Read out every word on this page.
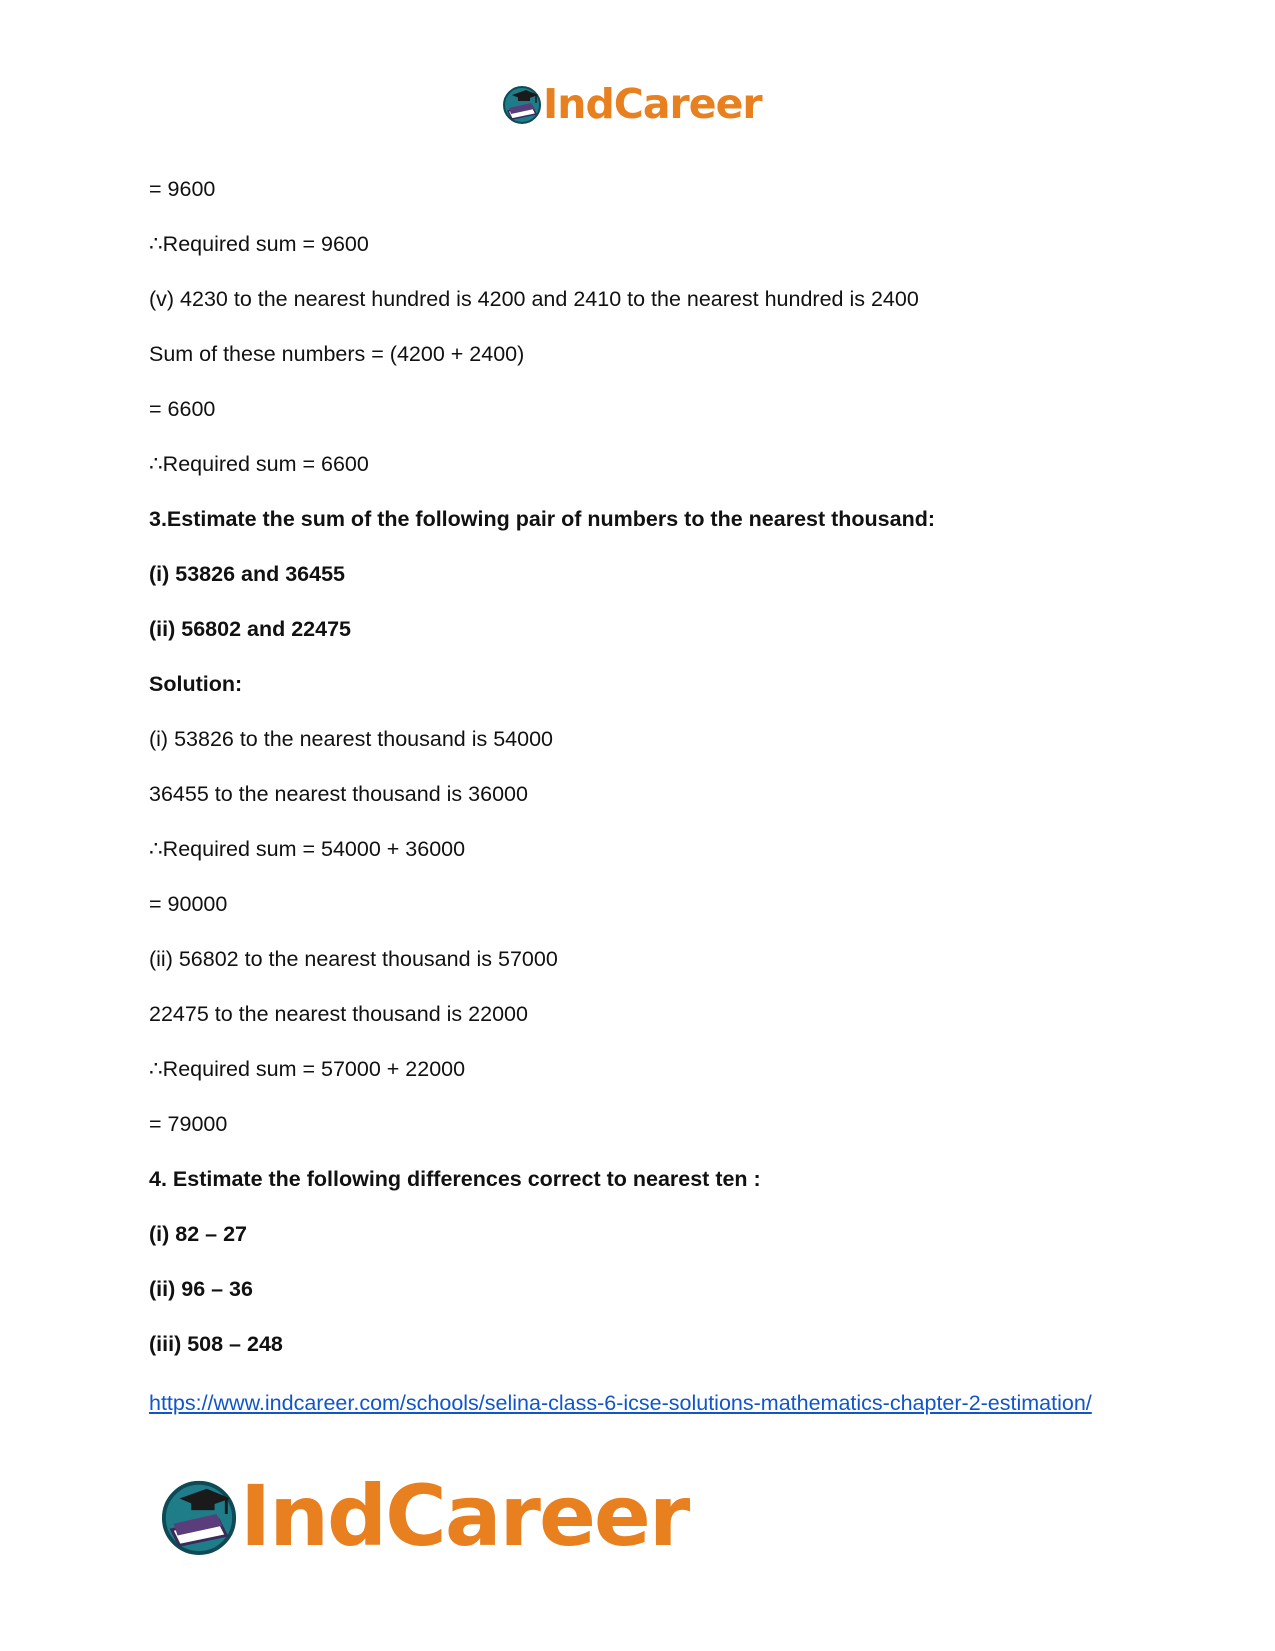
IndCareer
= 9600
∴Required sum = 9600
(v) 4230 to the nearest hundred is 4200 and 2410 to the nearest hundred is 2400
Sum of these numbers = (4200 + 2400)
= 6600
∴Required sum = 6600
3.Estimate the sum of the following pair of numbers to the nearest thousand:
(i) 53826 and 36455
(ii) 56802 and 22475
Solution:
(i) 53826 to the nearest thousand is 54000
36455 to the nearest thousand is 36000
∴Required sum = 54000 + 36000
= 90000
(ii) 56802 to the nearest thousand is 57000
22475 to the nearest thousand is 22000
∴Required sum = 57000 + 22000
= 79000
4. Estimate the following differences correct to nearest ten :
(i) 82 – 27
(ii) 96 – 36
(iii) 508 – 248
https://www.indcareer.com/schools/selina-class-6-icse-solutions-mathematics-chapter-2-estimation/
IndCareer
